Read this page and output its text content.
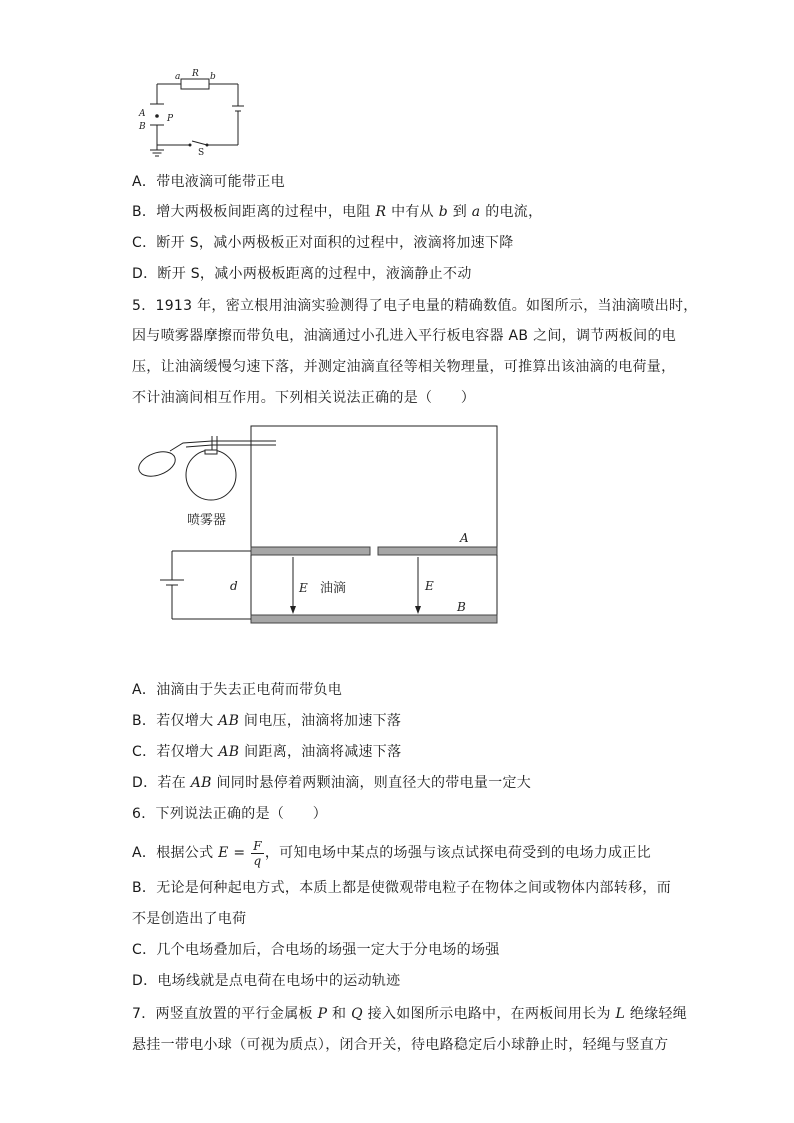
a R b
A
B
P
S
A．带电液滴可能带正电
B．增大两极板间距离的过程中，电阻 R 中有从 b 到 a 的电流，
C．断开 S，减小两极板正对面积的过程中，液滴将加速下降
D．断开 S，减小两极板距离的过程中，液滴静止不动
5．1913 年，密立根用油滴实验测得了电子电量的精确数值。如图所示，当油滴喷出时，
因与喷雾器摩擦而带负电，油滴通过小孔进入平行板电容器 AB 之间，调节两板间的电
压，让油滴缓慢匀速下落，并测定油滴直径等相关物理量，可推算出该油滴的电荷量，
不计油滴间相互作用。下列相关说法正确的是（　　）
喷雾器
A
B
d	E 油滴	E
A．油滴由于失去正电荷而带负电
B．若仅增大 AB 间电压，油滴将加速下落
C．若仅增大 AB 间距离，油滴将减速下落
D．若在 AB 间同时悬停着两颗油滴，则直径大的带电量一定大
6．下列说法正确的是（　　）
A．根据公式 $E = \frac{F}{q}$ ，可知电场中某点的场强与该点试探电荷受到的电场力成正比
B．无论是何种起电方式，本质上都是使微观带电粒子在物体之间或物体内部转移，而
不是创造出了电荷
C．几个电场叠加后，合电场的场强一定大于分电场的场强
D．电场线就是点电荷在电场中的运动轨迹
7．两竖直放置的平行金属板 P 和 Q 接入如图所示电路中，在两板间用长为 L 绝缘轻绳
悬挂一带电小球（可视为质点），闭合开关，待电路稳定后小球静止时，轻绳与竖直方
